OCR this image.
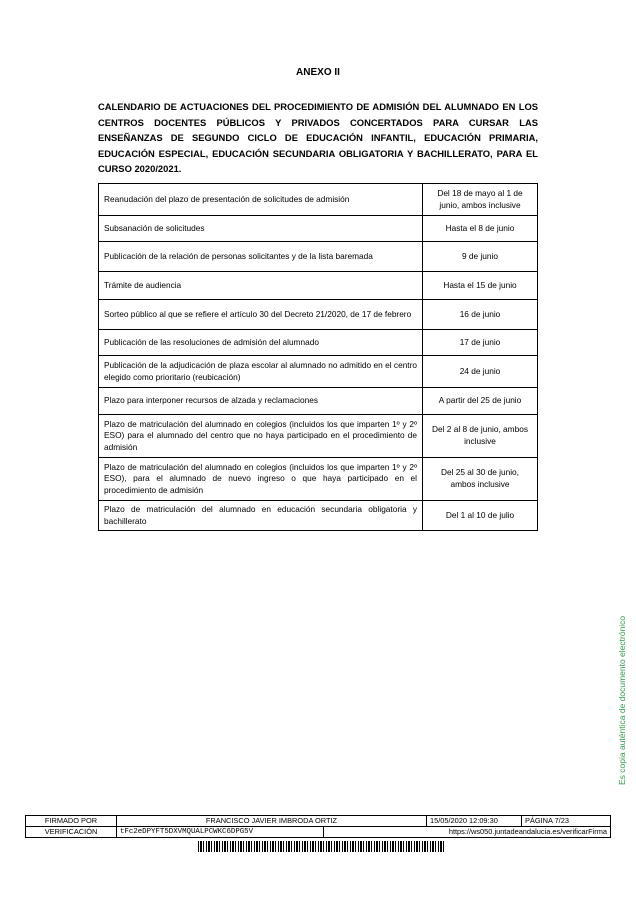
ANEXO II
CALENDARIO DE ACTUACIONES DEL PROCEDIMIENTO DE ADMISIÓN DEL ALUMNADO EN LOS CENTROS DOCENTES PÚBLICOS Y PRIVADOS CONCERTADOS PARA CURSAR LAS ENSEÑANZAS DE SEGUNDO CICLO DE EDUCACIÓN INFANTIL, EDUCACIÓN PRIMARIA, EDUCACIÓN ESPECIAL, EDUCACIÓN SECUNDARIA OBLIGATORIA Y BACHILLERATO, PARA EL CURSO 2020/2021.
Reanudación del plazo de presentación de solicitudes de admisión	Del 18 de mayo al 1 de junio, ambos inclusive
Subsanación de solicitudes	Hasta el 8 de junio
Publicación de la relación de personas solicitantes y de la lista baremada	9 de junio
Trámite de audiencia	Hasta el 15 de junio
Sorteo público al que se refiere el artículo 30 del Decreto 21/2020, de 17 de febrero	16 de junio
Publicación de las resoluciones de admisión del alumnado	17 de junio
Publicación de la adjudicación de plaza escolar al alumnado no admitido en el centro elegido como prioritario (reubicación)	24 de junio
Plazo para interponer recursos de alzada y reclamaciones	A partir del 25 de junio
Plazo de matriculación del alumnado en colegios (incluidos los que imparten 1º y 2º ESO) para el alumnado del centro que no haya participado en el procedimiento de admisión	Del 2 al 8 de junio, ambos inclusive
Plazo de matriculación del alumnado en colegios (incluidos los que imparten 1º y 2º ESO), para el alumnado de nuevo ingreso o que haya participado en el procedimiento de admisión	Del 25 al 30 de junio, ambos inclusive
Plazo de matriculación del alumnado en educación secundaria obligatoria y bachillerato	Del 1 al 10 de julio
Es copia auténtica de documento electrónico
FIRMADO POR	FRANCISCO JAVIER IMBRODA ORTIZ		15/05/2020 12:09:30	PÁGINA 7/23
VERIFICACIÓN	tFc2eDPYFT5DXVMQUALPCWKC6DPG5V	https://ws050.juntadeandalucia.es/verificarFirma		
